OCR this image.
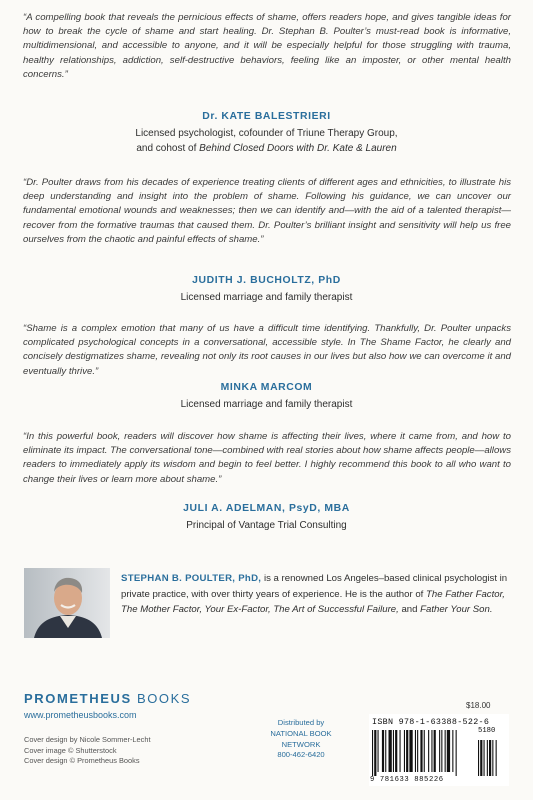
“A compelling book that reveals the pernicious effects of shame, offers readers hope, and gives tangible ideas for how to break the cycle of shame and start healing. Dr. Stephan B. Poulter’s must-read book is informative, multidimensional, and accessible to anyone, and it will be especially helpful for those struggling with trauma, healthy relationships, addiction, self-destructive behaviors, feeling like an imposter, or other mental health concerns.”
Dr. KATE BALESTRIERI
Licensed psychologist, cofounder of Triune Therapy Group,
and cohost of Behind Closed Doors with Dr. Kate & Lauren
“Dr. Poulter draws from his decades of experience treating clients of different ages and ethnicities, to illustrate his deep understanding and insight into the problem of shame. Following his guidance, we can uncover our fundamental emotional wounds and weaknesses; then we can identify and—with the aid of a talented therapist—recover from the formative traumas that caused them. Dr. Poulter’s brilliant insight and sensitivity will help us free ourselves from the chaotic and painful effects of shame.”
JUDITH J. BUCHOLTZ, PhD
Licensed marriage and family therapist
“Shame is a complex emotion that many of us have a difficult time identifying. Thankfully, Dr. Poulter unpacks complicated psychological concepts in a conversational, accessible style. In The Shame Factor, he clearly and concisely destigmatizes shame, revealing not only its root causes in our lives but also how we can overcome it and eventually thrive.”
MINKA MARCOM
Licensed marriage and family therapist
“In this powerful book, readers will discover how shame is affecting their lives, where it came from, and how to eliminate its impact. The conversational tone—combined with real stories about how shame affects people—allows readers to immediately apply its wisdom and begin to feel better. I highly recommend this book to all who want to change their lives or learn more about shame.”
JULI A. ADELMAN, PsyD, MBA
Principal of Vantage Trial Consulting
STEPHAN B. POULTER, PhD, is a renowned Los Angeles–based clinical psychologist in private practice, with over thirty years of experience. He is the author of The Father Factor, The Mother Factor, Your Ex-Factor, The Art of Successful Failure, and Father Your Son.
PROMETHEUS BOOKS
www.prometheusbooks.com
Cover design by Nicole Sommer-Lecht
Cover image © Shutterstock
Cover design © Prometheus Books
Distributed by
NATIONAL BOOK
NETWORK
800-462-6420
$18.00
ISBN 978-1-63388-522-6
9 781633 885226
5180
